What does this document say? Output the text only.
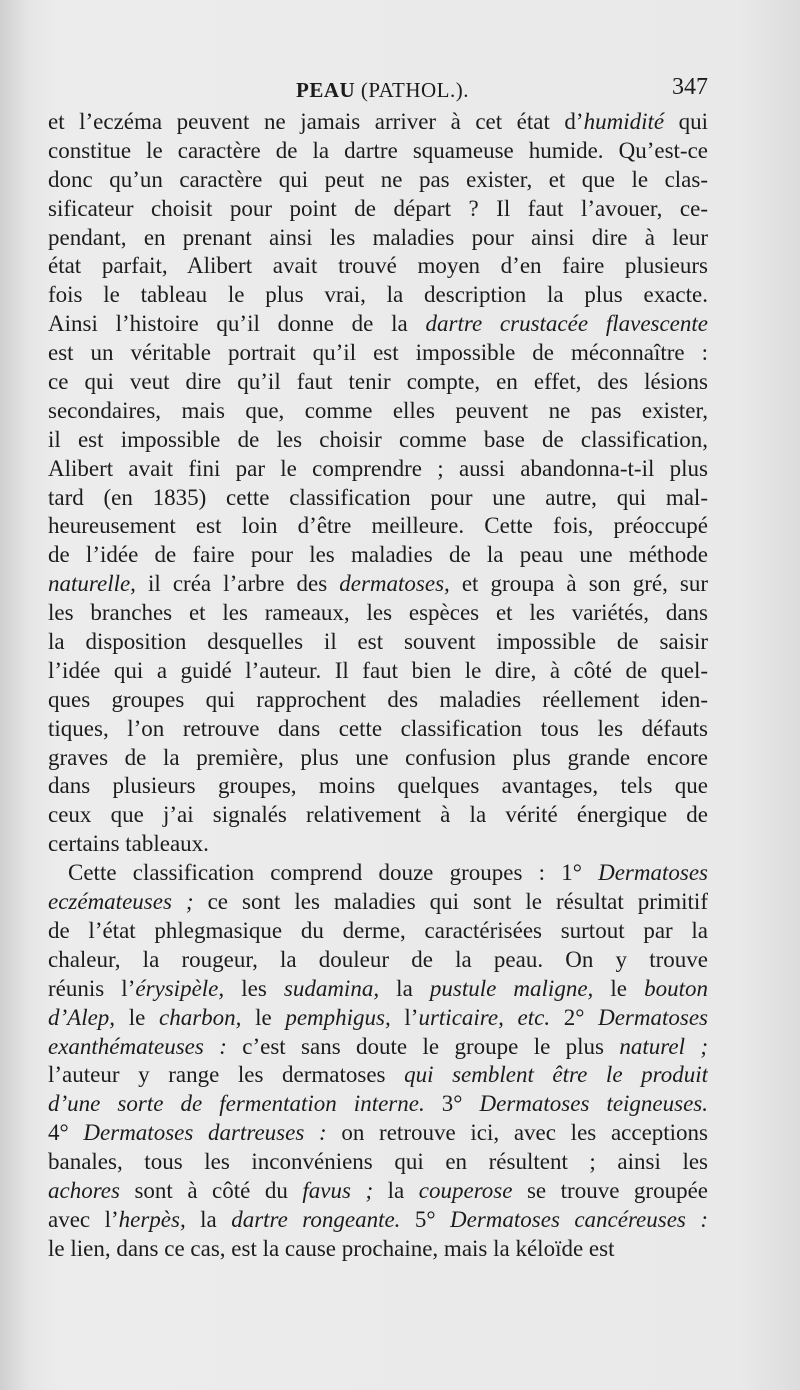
PEAU (PATHOL.).	347
et l’eczéma peuvent ne jamais arriver à cet état d’humidité qui
constitue le caractère de la dartre squameuse humide. Qu’est-ce
donc qu’un caractère qui peut ne pas exister, et que le clas-
sificateur choisit pour point de départ ? Il faut l’avouer, ce-
pendant, en prenant ainsi les maladies pour ainsi dire à leur
état parfait, Alibert avait trouvé moyen d’en faire plusieurs
fois le tableau le plus vrai, la description la plus exacte.
Ainsi l’histoire qu’il donne de la dartre crustacée flavescente
est un véritable portrait qu’il est impossible de méconnaître :
ce qui veut dire qu’il faut tenir compte, en effet, des lésions
secondaires, mais que, comme elles peuvent ne pas exister,
il est impossible de les choisir comme base de classification,
Alibert avait fini par le comprendre ; aussi abandonna-t-il plus
tard (en 1835) cette classification pour une autre, qui mal-
heureusement est loin d’être meilleure. Cette fois, préoccupé
de l’idée de faire pour les maladies de la peau une méthode
naturelle, il créa l’arbre des dermatoses, et groupa à son gré, sur
les branches et les rameaux, les espèces et les variétés, dans
la disposition desquelles il est souvent impossible de saisir
l’idée qui a guidé l’auteur. Il faut bien le dire, à côté de quel-
ques groupes qui rapprochent des maladies réellement iden-
tiques, l’on retrouve dans cette classification tous les défauts
graves de la première, plus une confusion plus grande encore
dans plusieurs groupes, moins quelques avantages, tels que
ceux que j’ai signalés relativement à la vérité énergique de
certains tableaux.
Cette classification comprend douze groupes : 1° Dermatoses
eczémateuses ; ce sont les maladies qui sont le résultat primitif
de l’état phlegmasique du derme, caractérisées surtout par la
chaleur, la rougeur, la douleur de la peau. On y trouve
réunis l’érysipèle, les sudamina, la pustule maligne, le bouton
d’Alep, le charbon, le pemphigus, l’urticaire, etc. 2° Dermatoses
exanthémateuses : c’est sans doute le groupe le plus naturel ;
l’auteur y range les dermatoses qui semblent être le produit
d’une sorte de fermentation interne. 3° Dermatoses teigneuses.
4° Dermatoses dartreuses : on retrouve ici, avec les acceptions
banales, tous les inconvéniens qui en résultent ; ainsi les
achores sont à côté du favus ; la couperose se trouve groupée
avec l’herpès, la dartre rongeante. 5° Dermatoses cancéreuses :
le lien, dans ce cas, est la cause prochaine, mais la kéloïde est
